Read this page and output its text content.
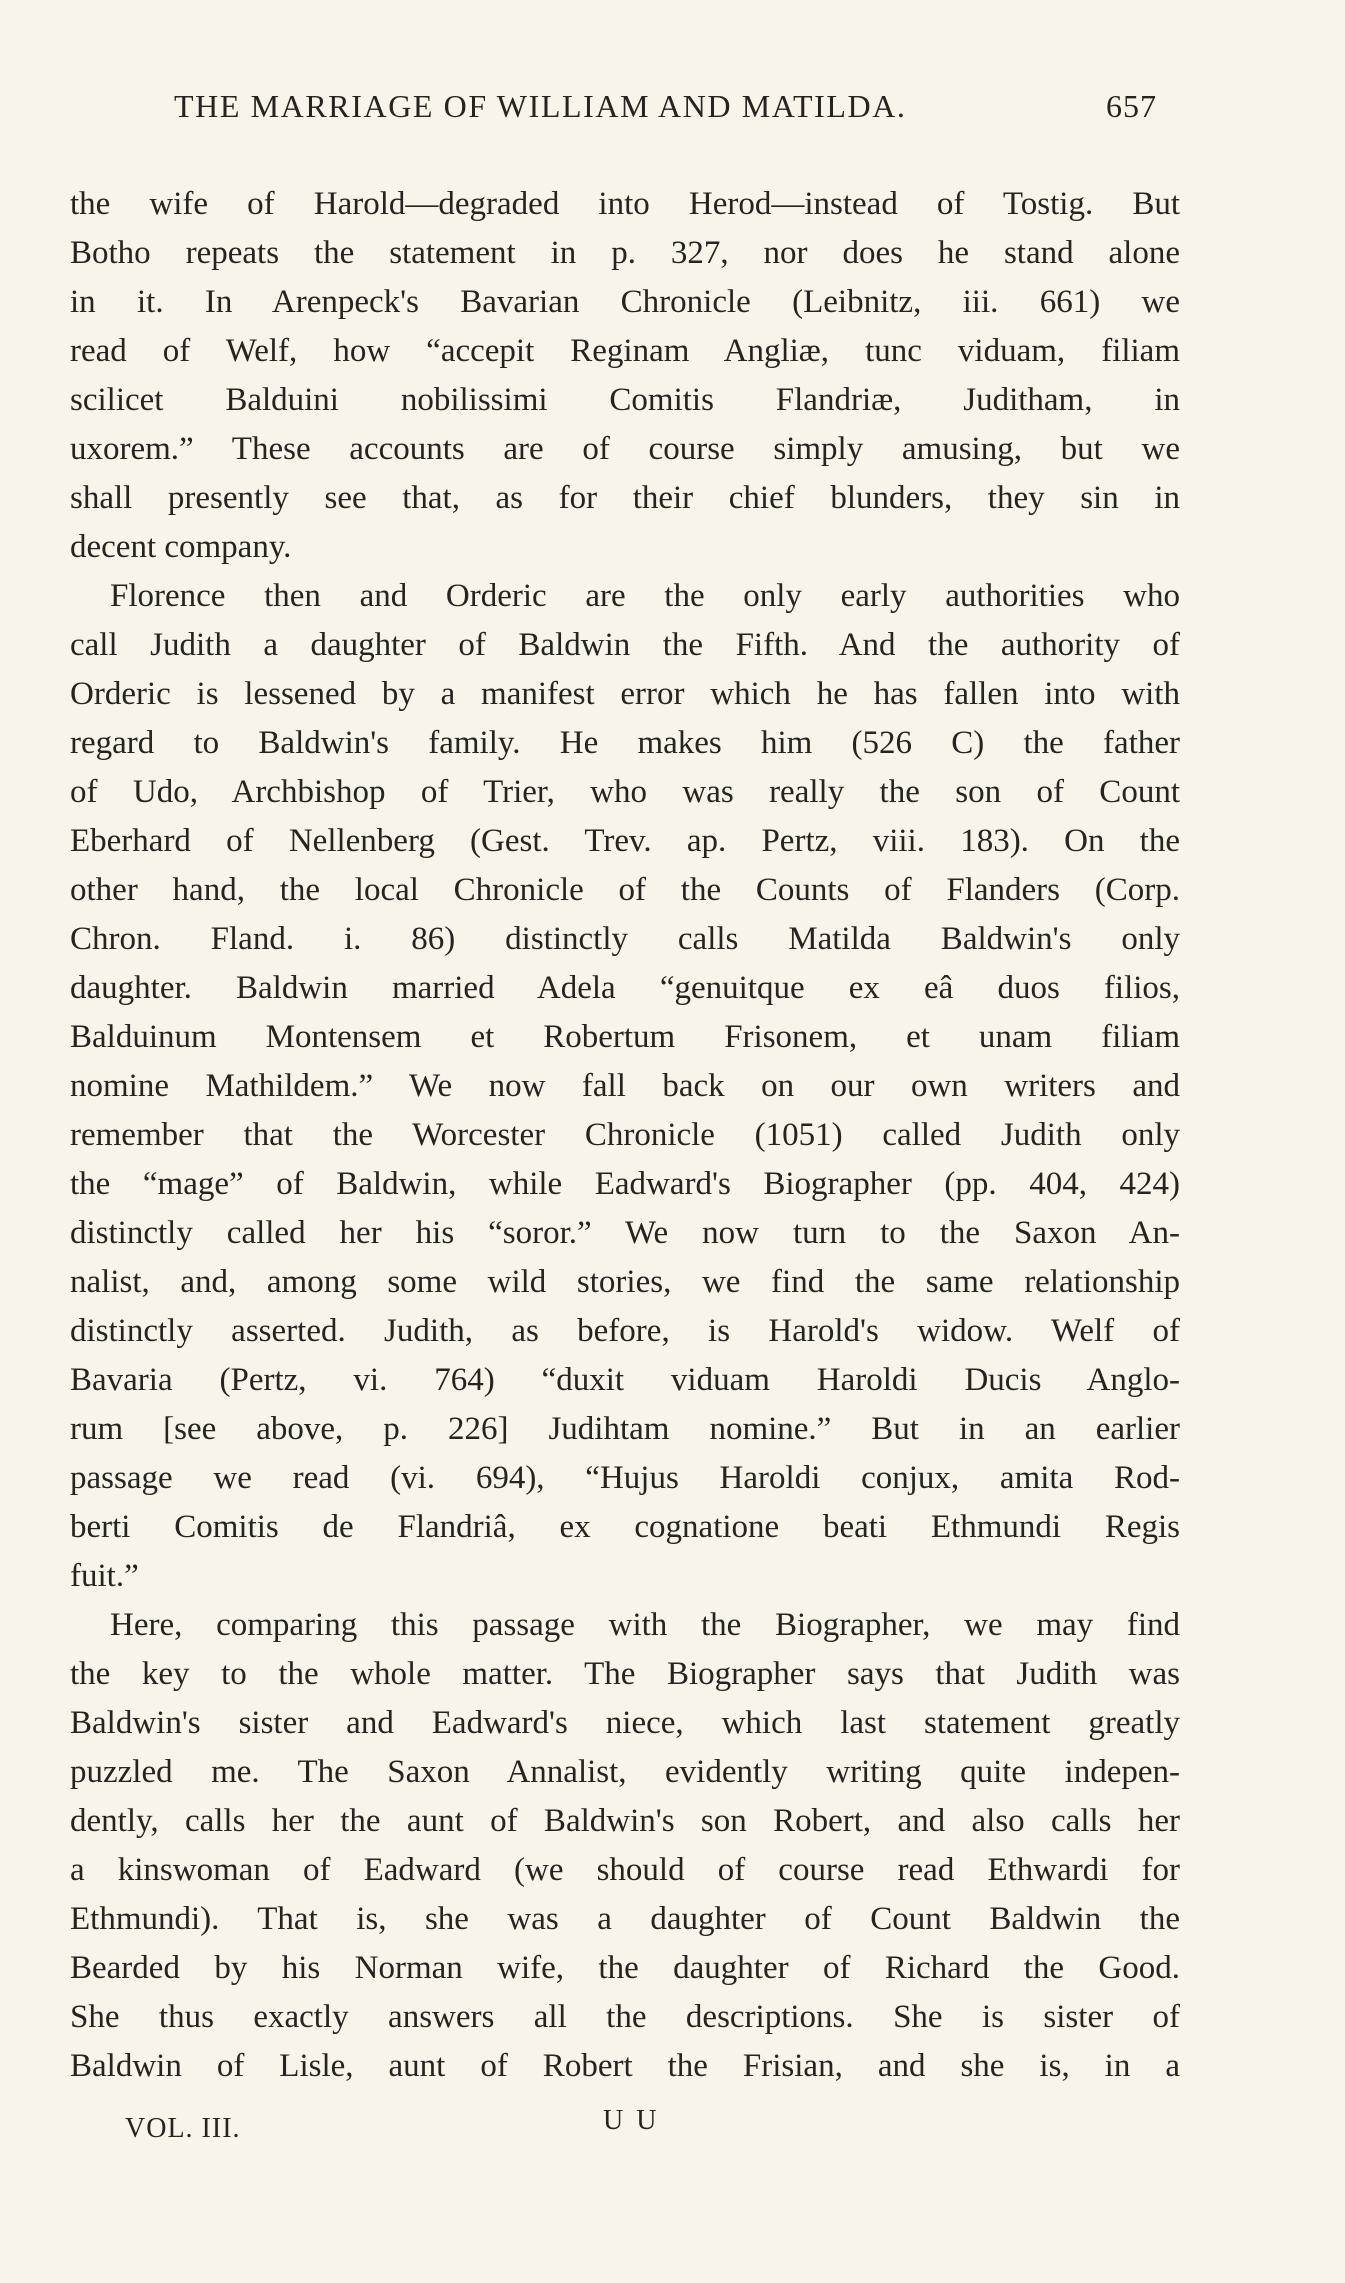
THE MARRIAGE OF WILLIAM AND MATILDA.	657
the wife of Harold—degraded into Herod—instead of Tostig. But
Botho repeats the statement in p. 327, nor does he stand alone
in it. In Arenpeck's Bavarian Chronicle (Leibnitz, iii. 661) we
read of Welf, how “accepit Reginam Angliæ, tunc viduam, filiam
scilicet Balduini nobilissimi Comitis Flandriæ, Juditham, in
uxorem.” These accounts are of course simply amusing, but we
shall presently see that, as for their chief blunders, they sin in
decent company.
Florence then and Orderic are the only early authorities who
call Judith a daughter of Baldwin the Fifth. And the authority of
Orderic is lessened by a manifest error which he has fallen into with
regard to Baldwin's family. He makes him (526 C) the father
of Udo, Archbishop of Trier, who was really the son of Count
Eberhard of Nellenberg (Gest. Trev. ap. Pertz, viii. 183). On the
other hand, the local Chronicle of the Counts of Flanders (Corp.
Chron. Fland. i. 86) distinctly calls Matilda Baldwin's only
daughter. Baldwin married Adela “genuitque ex eâ duos filios,
Balduinum Montensem et Robertum Frisonem, et unam filiam
nomine Mathildem.” We now fall back on our own writers and
remember that the Worcester Chronicle (1051) called Judith only
the “mage” of Baldwin, while Eadward's Biographer (pp. 404, 424)
distinctly called her his “soror.” We now turn to the Saxon An-
nalist, and, among some wild stories, we find the same relationship
distinctly asserted. Judith, as before, is Harold's widow. Welf of
Bavaria (Pertz, vi. 764) “duxit viduam Haroldi Ducis Anglo-
rum [see above, p. 226] Judihtam nomine.” But in an earlier
passage we read (vi. 694), “Hujus Haroldi conjux, amita Rod-
berti Comitis de Flandriâ, ex cognatione beati Ethmundi Regis
fuit.”
Here, comparing this passage with the Biographer, we may find
the key to the whole matter. The Biographer says that Judith was
Baldwin's sister and Eadward's niece, which last statement greatly
puzzled me. The Saxon Annalist, evidently writing quite indepen-
dently, calls her the aunt of Baldwin's son Robert, and also calls her
a kinswoman of Eadward (we should of course read Ethwardi for
Ethmundi). That is, she was a daughter of Count Baldwin the
Bearded by his Norman wife, the daughter of Richard the Good.
She thus exactly answers all the descriptions. She is sister of
Baldwin of Lisle, aunt of Robert the Frisian, and she is, in a
VOL. III.	U U
